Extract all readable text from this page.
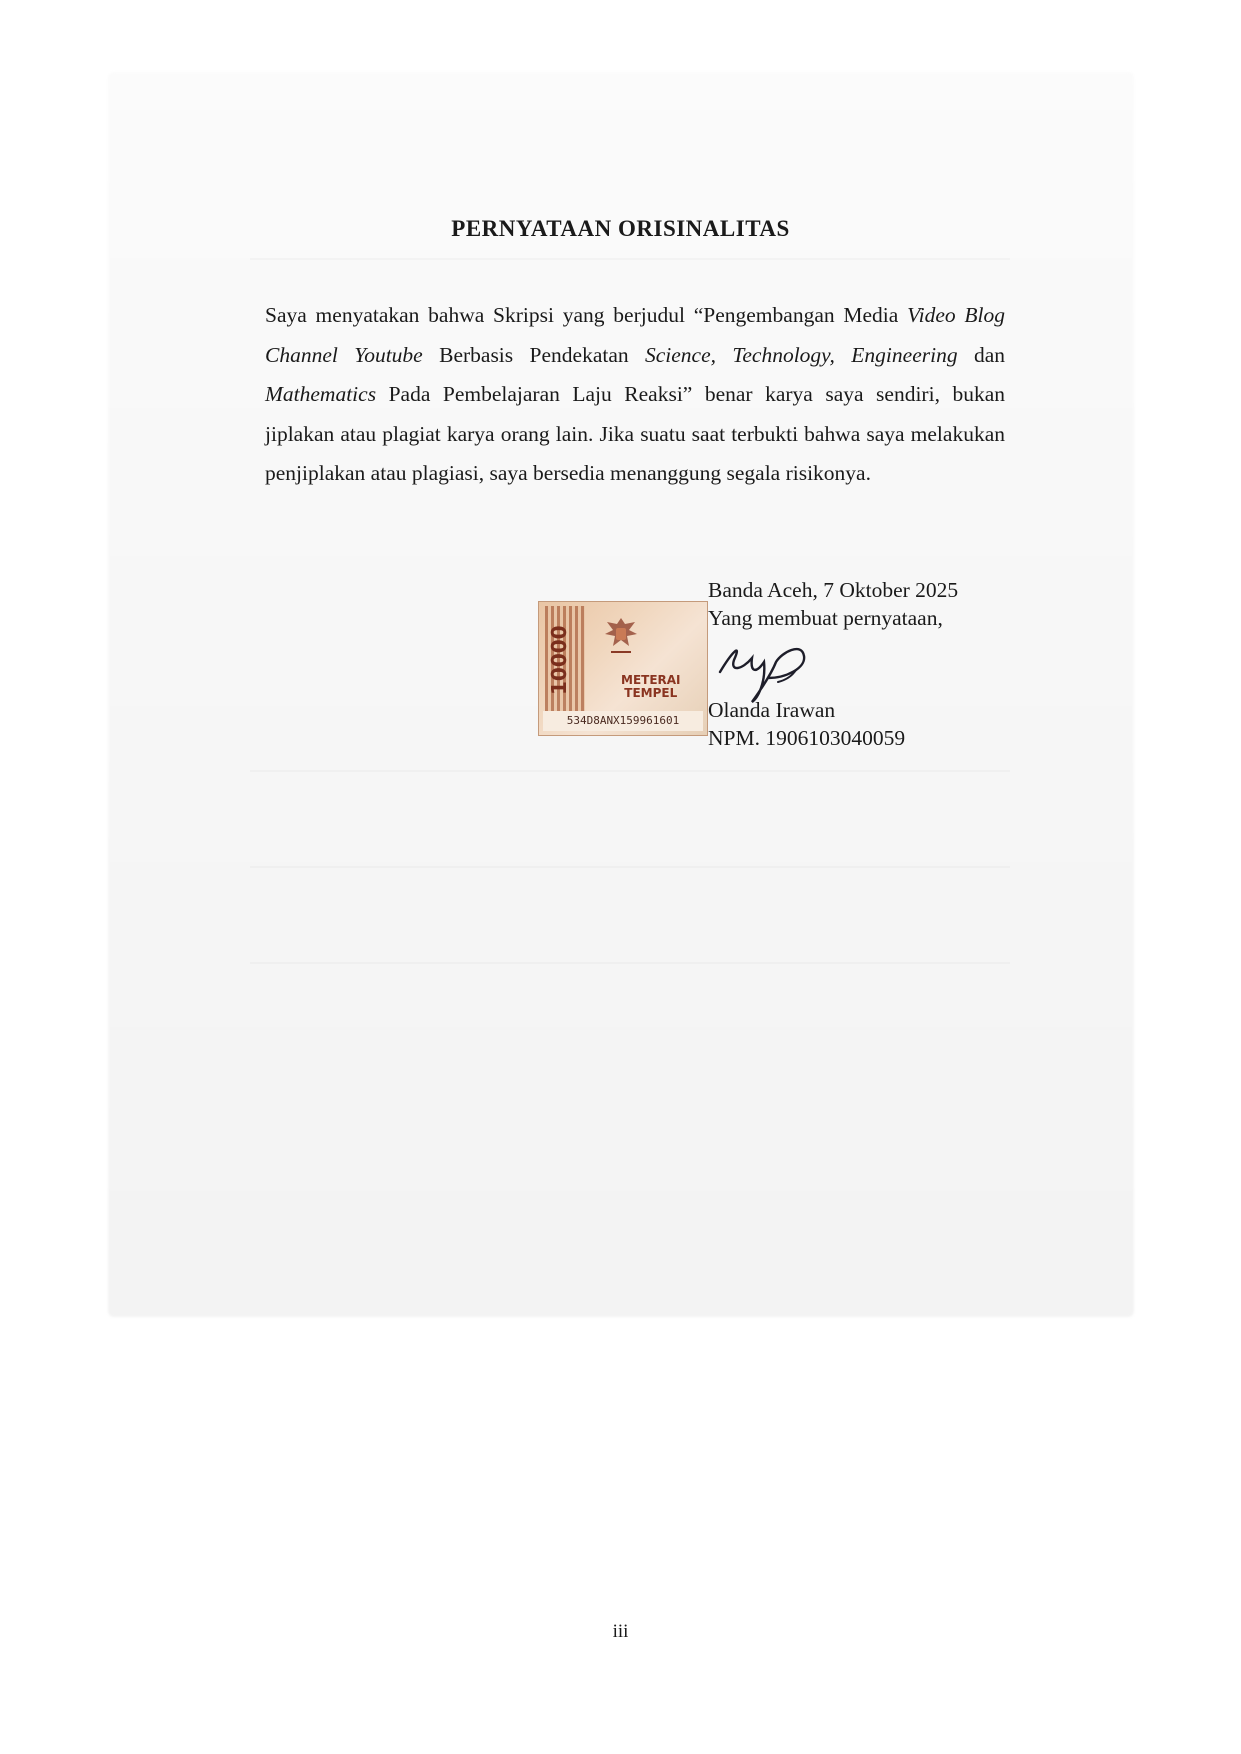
PERNYATAAN ORISINALITAS
Saya menyatakan bahwa Skripsi yang berjudul “Pengembangan Media Video Blog Channel Youtube Berbasis Pendekatan Science, Technology, Engineering dan Mathematics Pada Pembelajaran Laju Reaksi” benar karya saya sendiri, bukan jiplakan atau plagiat karya orang lain. Jika suatu saat terbukti bahwa saya melakukan penjiplakan atau plagiasi, saya bersedia menanggung segala risikonya.
Banda Aceh, 7 Oktober 2025
Yang membuat pernyataan,
10000	METERAI
TEMPEL
534D8ANX159961601	Olanda Irawan
NPM. 1906103040059
iii
